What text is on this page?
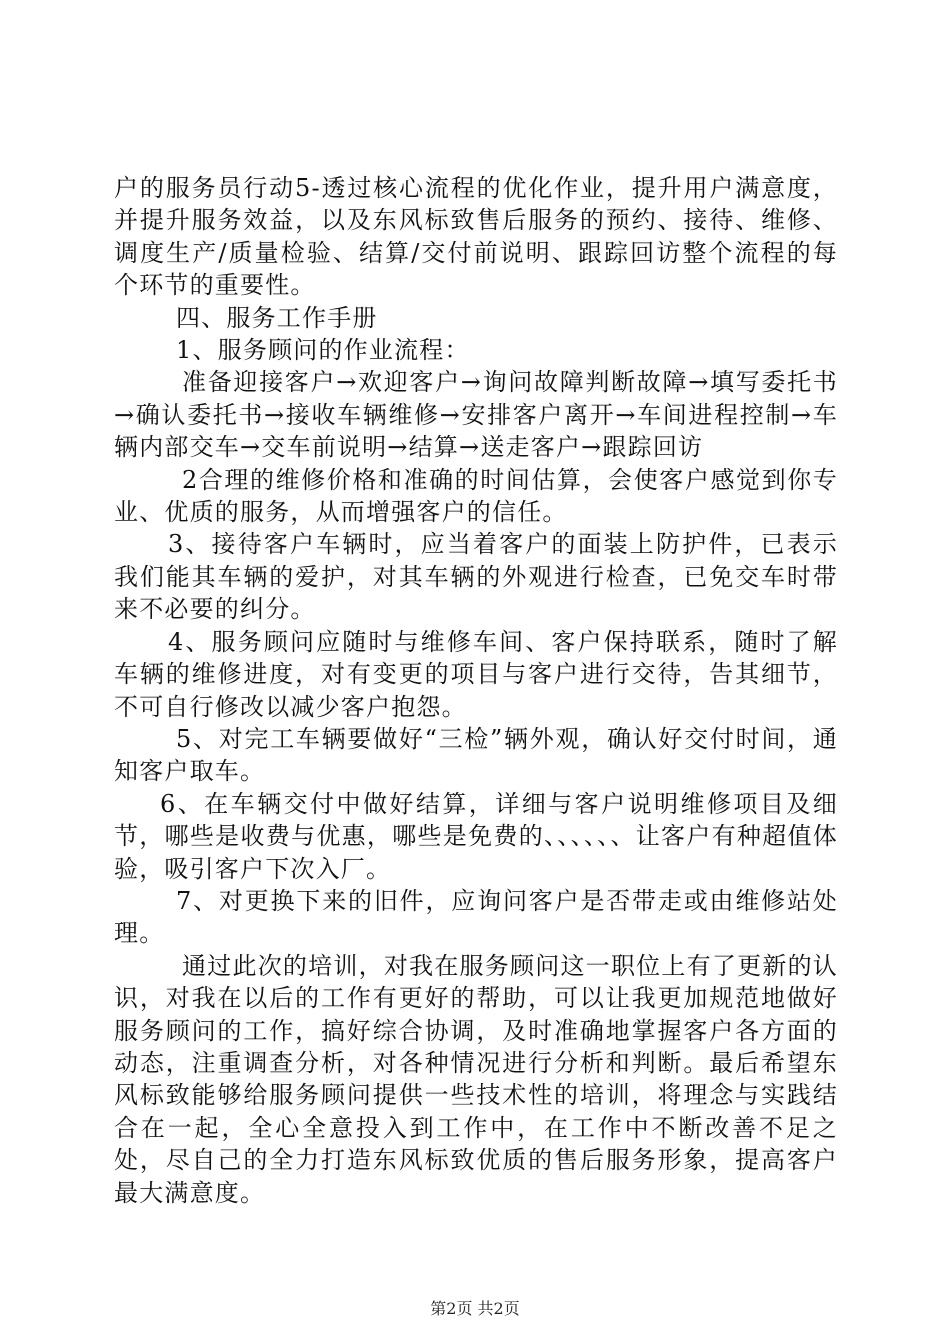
户的服务员行动5-透过核心流程的优化作业，提升用户满意度，并提升服务效益，以及东风标致售后服务的预约、接待、维修、调度生产/质量检验、结算/交付前说明、跟踪回访整个流程的每个环节的重要性。

四、服务工作手册

1、服务顾问的作业流程：

准备迎接客户→欢迎客户→询问故障判断故障→填写委托书→确认委托书→接收车辆维修→安排客户离开→车间进程控制→车辆内部交车→交车前说明→结算→送走客户→跟踪回访

2合理的维修价格和准确的时间估算，会使客户感觉到你专业、优质的服务，从而增强客户的信任。

3、接待客户车辆时，应当着客户的面装上防护件，已表示我们能其车辆的爱护，对其车辆的外观进行检查，已免交车时带来不必要的纠分。

4、服务顾问应随时与维修车间、客户保持联系，随时了解车辆的维修进度，对有变更的项目与客户进行交待，告其细节，不可自行修改以减少客户抱怨。

5、对完工车辆要做好“三检”辆外观，确认好交付时间，通知客户取车。

6、在车辆交付中做好结算，详细与客户说明维修项目及细节，哪些是收费与优惠，哪些是免费的、、、、、、让客户有种超值体验，吸引客户下次入厂。

7、对更换下来的旧件，应询问客户是否带走或由维修站处理。

通过此次的培训，对我在服务顾问这一职位上有了更新的认识，对我在以后的工作有更好的帮助，可以让我更加规范地做好服务顾问的工作，搞好综合协调，及时准确地掌握客户各方面的动态，注重调查分析，对各种情况进行分析和判断。最后希望东风标致能够给服务顾问提供一些技术性的培训，将理念与实践结合在一起，全心全意投入到工作中，在工作中不断改善不足之处，尽自己的全力打造东风标致优质的售后服务形象，提高客户最大满意度。

第2页 共2页
